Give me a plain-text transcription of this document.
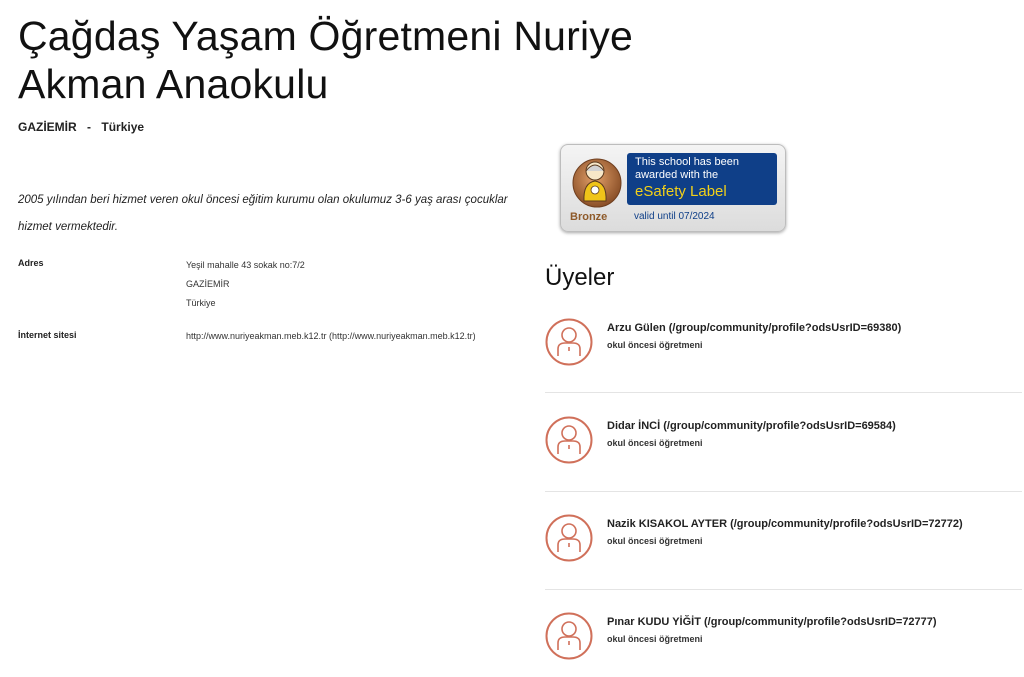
Çağdaş Yaşam Öğretmeni Nuriye Akman Anaokulu
GAZİEMİR - Türkiye

2005 yılından beri hizmet veren okul öncesi eğitim kurumu olan okulumuz 3-6 yaş arası çocuklar hizmet vermektedir.

Adres	Yeşil mahalle 43 sokak no:7/2
GAZİEMİR
Türkiye
İnternet sitesi	http://www.nuriyeakman.meb.k12.tr (http://www.nuriyeakman.meb.k12.tr)
This school has been
awarded with the
eSafety Label
Bronze	valid until 07/2024
Üyeler
Arzu Gülen (/group/community/profile?odsUsrID=69380)
okul öncesi öğretmeni
Didar İNCİ (/group/community/profile?odsUsrID=69584)
okul öncesi öğretmeni
Nazik KISAKOL AYTER (/group/community/profile?odsUsrID=72772)
okul öncesi öğretmeni
Pınar KUDU YİĞİT (/group/community/profile?odsUsrID=72777)
okul öncesi öğretmeni
